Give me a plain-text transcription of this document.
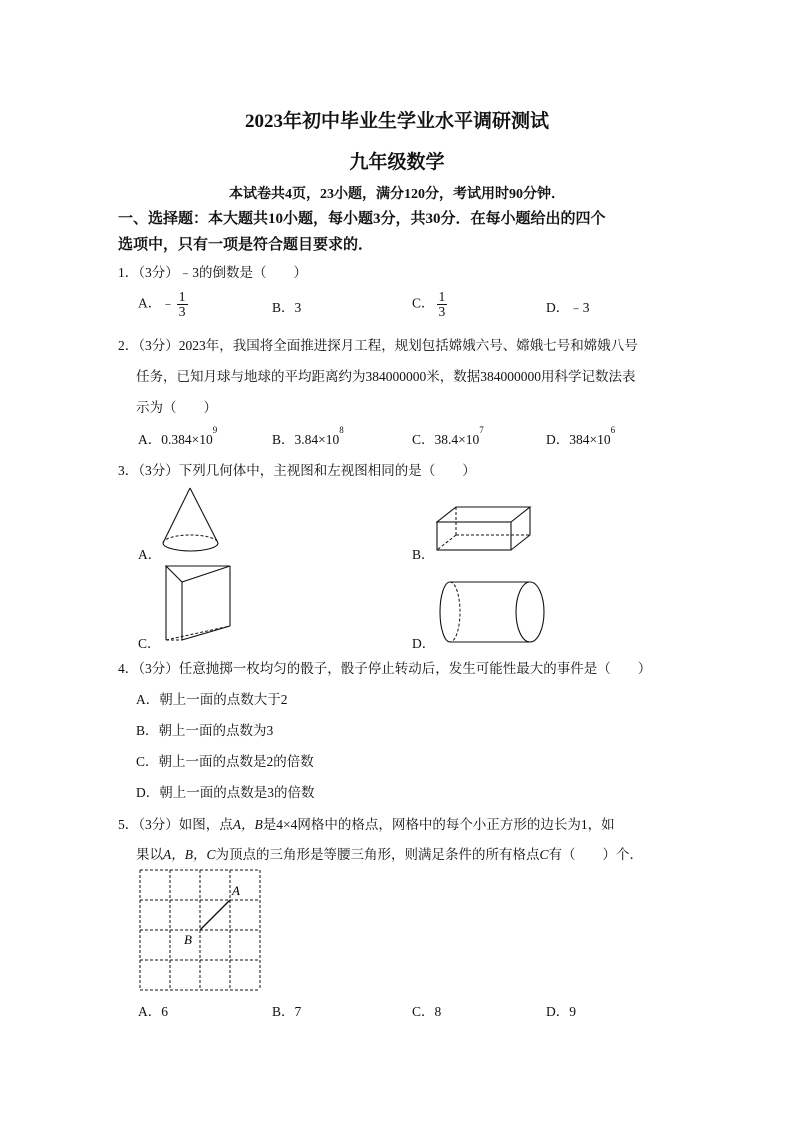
2023年初中毕业生学业水平调研测试
九年级数学
本试卷共4页，23小题，满分120分，考试用时90分钟．
一、选择题：本大题共10小题，每小题3分，共30分．在每小题给出的四个
选项中，只有一项是符合题目要求的．
1．（3分）﹣3的倒数是（　　）
A．﹣ $\frac{1}{3}$	B．3	C． $\frac{1}{3}$	D．﹣3
2．（3分）2023年，我国将全面推进探月工程，规划包括嫦娥六号、嫦娥七号和嫦娥八号
任务，已知月球与地球的平均距离约为384000000米，数据384000000用科学记数法表
示为（　　）
A．$0.384\times 10^9$
B．$3.84\times 10^8$
C．$38.4\times 10^7$
D．$384\times 10^6$
3．（3分）下列几何体中，主视图和左视图相同的是（　　）
A．	B．
C．	D．
4．（3分）任意抛掷一枚均匀的骰子，骰子停止转动后，发生可能性最大的事件是（　　）
A．朝上一面的点数大于2
B．朝上一面的点数为3
C．朝上一面的点数是2的倍数
D．朝上一面的点数是3的倍数
5．（3分）如图，点A，B是4×4网格中的格点，网格中的每个小正方形的边长为1，如
果以A，B，C为顶点的三角形是等腰三角形，则满足条件的所有格点C有（　　）个．
A
B
A．6	B．7	C．8	D．9
